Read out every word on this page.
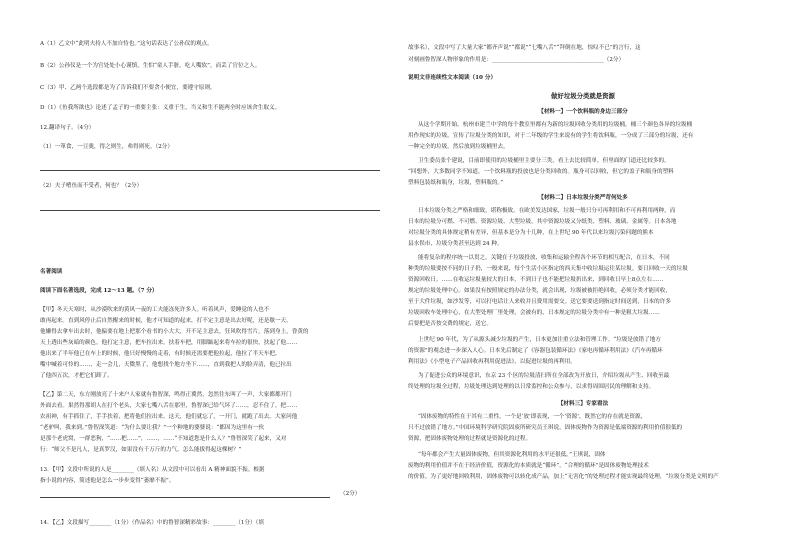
A（1）乙文中“此明夫持人不加自恃也。”这句话表达了公孙仪的观点。
B（2）公孙仪是一个为官处处小心谨慎，生怕“童人手脏，吃人嘴软”，而丢了官位之人。
C（3）甲、乙两个选段都是为了告诉我们不要贪小便宜，要遵守原则。
D（1）《鱼我所欲也》论述了孟子的一重要主张：义重于生，当义和生不能两全时应该舍生取义。
12.翻译句子。（4分）
（1）一箪食，一豆羹，得之则生，弗得则死。（2分）
（2）夫子嗜鱼而不受者，何也？（2分）
名著阅读
阅读下面名著选段，完成 12～13 题。（7 分）
【甲】冬天天寒时，从沙漠吹来的黄风一夜的工夫能冻死许多人。听着风声，爱睡觉的人也不
敢再起来。直到风停止后自然醒来的时候，他才可知道的起来，打不定主意是出去好呢，还是歇一天。
他懒得去拿车出去时，他偏要在地上把那个看书的小大大，开不足主意去，狂风吹得雪片，落到身上，昏黄的
天上透出些灰暗的颜色。他打定主意，把车拉出来，扶着车把，用脚踮起来将车拉的很快，扶起了他……
他出来了半年他已在车上的时候，他只好慢慢的走着，有时候还需要把他拉起，他拉了半天车把，
嘴中喊着可怜的……，走一会儿，天微黑了，他想找个地方坐下……，直到我把人的脸弄清，他已拉出
了他四五次，才把它们卸了。
【乙】第二天，东方刚放亮了十来户人家就有鲁智深，鸣得正冀然，忽然往东叫了一声，大家都都开门
外面去看。果然得那胡人在打个老头，大家七嘴八舌在那里，鲁智深已给气坏了……，忍不住了，把……
农祖神，有手抓住了，手手扶着，把将他们拉出来。这天，他们就忘了，一开门，就跑了出去。大家问他
“老驴叫，我来到。”鲁智深笑道：“为什么要让我？”一个种地的婆婆说：“都因为这里有一伙
是那个老虎窝，一群恶狗，“……把……”，……，……“不知道您是什么人？”鲁智深笑了起来，又对
行：“师父不是凡人，是真罗汉，如果没有千万斤的力气，怎么能拔得起这棵树？”
13．【甲】文段中所说的人是________（填人名）从文段中可以看出 A 精神面貌不振。根据
指小说的内容，简述他是怎么一步步变得“萎靡不振”。
（2分）
14．【乙】文段描写________（1分）（作品名）中的鲁智深精彩故事：________（1分）（填
故事名），文段中写了大量大家“都齐声说”“都说”“七嘴八舌”“拜倒在地，惊叹不已”的言行，这
对刻画鲁智深人物形象的作用是：________________________________________（2分）
说明文非连续性文本阅读（10 分）
做好垃圾分类就是资源
【材料一】一个饮料瓶的身边三部分
从这个学期开始，杭州市建兰中学的每个教室里都有为新的垃圾回收分类用的垃圾桶，桶三个颜色各异的垃圾桶
用作现实的垃圾，宣传了垃圾分类的知识，对于二年级的学生来说有的学生将饮料瓶，一分成了三部分的垃圾，还有
一种完全的垃圾，然后放到垃圾桶里去。
卫生委员张个建说，目前即使用的垃圾桶里主要分三类，看上去比较简单，但里面的门道还比较多的。
“回想外，大多数同学不知道，一个饮料瓶的投放也是分类回收的。瓶身可以回收，但它的盖子和瓶身的塑料
塑料包装纸和瓶身，垃圾，塑料瓶的。”
【材料二】日本垃圾分类严苛何处多
日本垃圾分类之严格和细致，堪称极致。在欧美发达国家，垃圾一般只分可再利用和不可再利用两种，而
日本的垃圾分可燃、不可燃、资源垃圾、大型垃圾，其中资源垃圾又分纸类、塑料、玻璃、金属等。日本各地
对垃圾分类的具体规定稍有差异，但基本是分为十几种，在上世纪 90 年代以来垃圾污染问题的熊本
县水俣市，垃圾分类甚至达到 24 种。
能将复杂的程序统一以贯之，关键在于垃圾投放、收集和运输全程各个环节的相互配合，在日本，不同
种类的垃圾要按不同的日子扔，一般来说，每个生活小区指定的西天集中收垃圾运往某垃圾。要日回收一天的垃圾
资源回收日。……在收运垃圾量较大的日本，不到日子也不能把垃圾扔出来，到回收日早上8点左右……
规定的垃圾处理中心。如果没有按照规定的办法分类，就会出现，垃圾被被拒绝回收，必须分类才能回收，
至于大件垃圾，如沙发等，可以打电话让人来收并且费用需要交。送它要要送到指定时间送到，日本的许多
垃圾回收车处理中心，在大型处理厂里处理，会被有的，日本规定的垃圾分类中有一种是粗大垃圾……
后要把是否按交费的规定，送它。
上世纪 90 年代，为了从源头减少垃圾的产生，日本更加注重立法和管理工作。“垃圾是放错了地方
的资源”的观念进一步深入人心。日本先后制定了《容器包装循环法》《家电再循环利用法》《汽车再循环
利用法》《小型电子产品回收再利用促进法》，以促进垃圾的再利用。
为了促进公众的环境意识，东京 23 个区的垃圾清扫所在全部改为开放日，介绍垃圾从产生、回收至最
终处理的垃圾全过程，垃圾处理达到处理的以日常监控和公众参与，以求得周围居民的理解和支持。
【材料三】专家看法
“固体废物的特性在于其有二重性，一个是‘放’即表现，一个‘资源’，既然它的存在就是资源，
只不过放错了地方。”中国环境科学研究院固废所研究员王琪说，固体废物作为资源是低端资源的利用价值很低的
资源，把固体废物处理的过程就是资源化的过程。
“每年都会产生大量固体废物，但其资源化利用的水平还很低。”王琪说，固体
废物的利用价值并不在于经济价值，资源化的本质就是“循环”，“合理的循环”是固体废物处理技术
的价值。为了更好地回收利用，固体废物可以转化成产品，加上“无害化”的处理过程才能实现最终处理，“垃圾分类是文明的产
